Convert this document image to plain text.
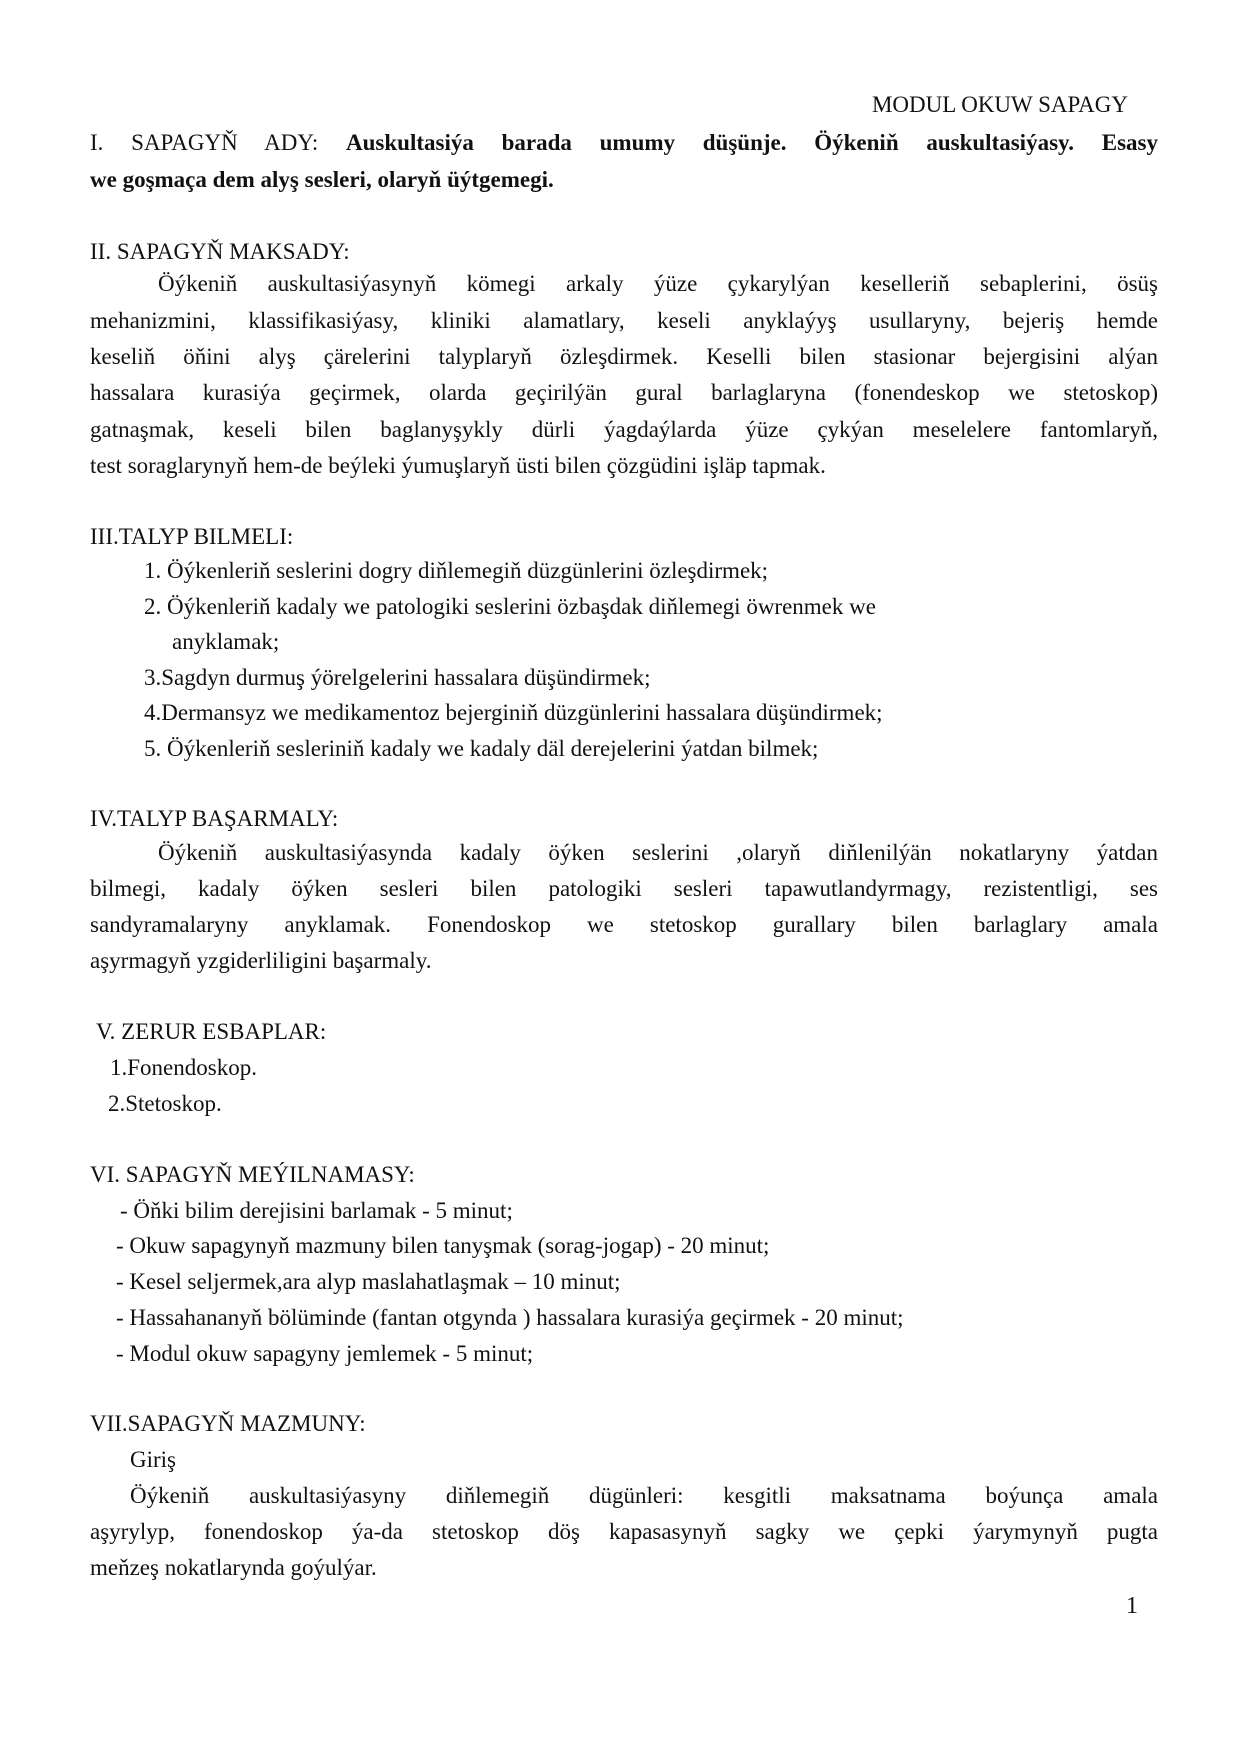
MODUL OKUW SAPAGY
I. SAPAGYŇ ADY: Auskultasiýa barada umumy düşünje. Öýkeniň auskultasiýasy. Esasy
we goşmaça dem alyş sesleri, olaryň üýtgemegi.
II. SAPAGYŇ MAKSADY:
Öýkeniň auskultasiýasynyň kömegi arkaly ýüze çykarylýan keselleriň sebaplerini, ösüş
mehanizmini, klassifikasiýasy, kliniki alamatlary, keseli anyklaýyş usullaryny, bejeriş hemde
keseliň öňini alyş çärelerini talyplaryň özleşdirmek. Keselli bilen stasionar bejergisini alýan
hassalara kurasiýa geçirmek, olarda geçirilýän gural barlaglaryna (fonendeskop we stetoskop)
gatnaşmak, keseli bilen baglanyşykly dürli ýagdaýlarda ýüze çykýan meselelere fantomlaryň,
test soraglarynyň hem-de beýleki ýumuşlaryň üsti bilen çözgüdini işläp tapmak.
III.TALYP BILMELI:
1. Öýkenleriň seslerini dogry diňlemegiň düzgünlerini özleşdirmek;
2. Öýkenleriň kadaly we patologiki seslerini özbaşdak diňlemegi öwrenmek we
anyklamak;
3.Sagdyn durmuş ýörelgelerini hassalara düşündirmek;
4.Dermansyz we medikamentoz bejerginiň düzgünlerini hassalara düşündirmek;
5. Öýkenleriň sesleriniň kadaly we kadaly däl derejelerini ýatdan bilmek;
IV.TALYP BAŞARMALY:
Öýkeniň auskultasiýasynda kadaly öýken seslerini ,olaryň diňlenilýän nokatlaryny ýatdan
bilmegi, kadaly öýken sesleri bilen patologiki sesleri tapawutlandyrmagy, rezistentligi, ses
sandyramalaryny anyklamak. Fonendoskop we stetoskop gurallary bilen barlaglary amala
aşyrmagyň yzgiderliligini başarmaly.
V. ZERUR ESBAPLAR:
1.Fonendoskop.
2.Stetoskop.
VI. SAPAGYŇ MEÝILNAMASY:
- Öňki bilim derejisini barlamak - 5 minut;
- Okuw sapagynyň mazmuny bilen tanyşmak (sorag-jogap) - 20 minut;
- Kesel seljermek,ara alyp maslahatlaşmak – 10 minut;
- Hassahananyň bölüminde (fantan otgynda ) hassalara kurasiýa geçirmek - 20 minut;
- Modul okuw sapagyny jemlemek - 5 minut;
VII.SAPAGYŇ MAZMUNY:
Giriş
Öýkeniň auskultasiýasyny diňlemegiň dügünleri: kesgitli maksatnama boýunça amala
aşyrylyp, fonendoskop ýa-da stetoskop döş kapasasynyň sagky we çepki ýarymynyň pugta
meňzeş nokatlarynda goýulýar.
1
